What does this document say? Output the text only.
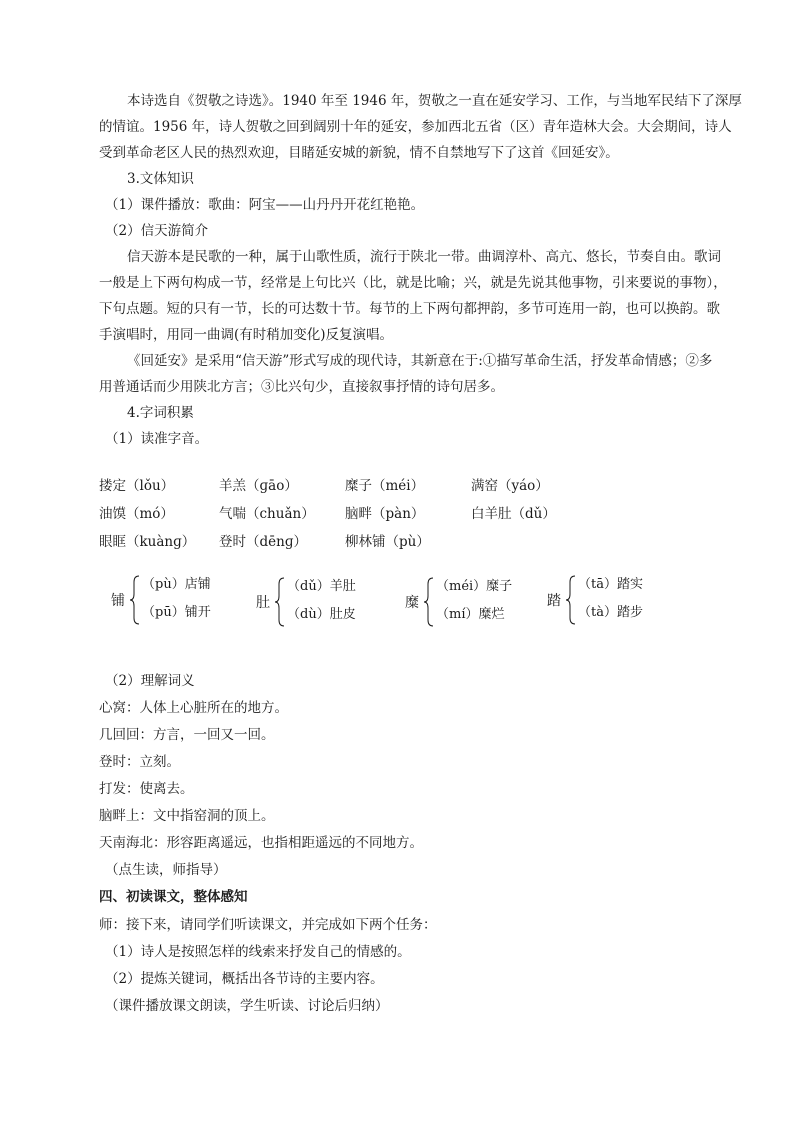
本诗选自《贺敬之诗选》。1940 年至 1946 年，贺敬之一直在延安学习、工作，与当地军民结下了深厚
的情谊。1956 年，诗人贺敬之回到阔别十年的延安，参加西北五省（区）青年造林大会。大会期间，诗人
受到革命老区人民的热烈欢迎，目睹延安城的新貌，情不自禁地写下了这首《回延安》。
3.文体知识
（1）课件播放：歌曲：阿宝——山丹丹开花红艳艳。
（2）信天游简介
信天游本是民歌的一种，属于山歌性质，流行于陕北一带。曲调淳朴、高亢、悠长，节奏自由。歌词
一般是上下两句构成一节，经常是上句比兴（比，就是比喻；兴，就是先说其他事物，引来要说的事物），
下句点题。短的只有一节，长的可达数十节。每节的上下两句都押韵，多节可连用一韵，也可以换韵。歌
手演唱时，用同一曲调(有时稍加变化)反复演唱。
《回延安》是采用“信天游”形式写成的现代诗，其新意在于:①描写革命生活，抒发革命情感；②多
用普通话而少用陕北方言；③比兴句少，直接叙事抒情的诗句居多。
4.字词积累
（1）读准字音。
搂定（lǒu）	羊羔（ɡāo）	糜子（méi）	满窑（yáo）
油馍（mó）	气喘（chuǎn） 脑畔（pàn）	白羊肚（dǔ）
眼眶（kuànɡ） 登时（dēnɡ）	柳林铺（pù）
铺
（pù）店铺
（pū）铺开
肚
（dǔ）羊肚
（dù）肚皮
糜
（méi）糜子
（mí）糜烂
踏
（tā）踏实
（tà）踏步
（2）理解词义
心窝：人体上心脏所在的地方。
几回回：方言，一回又一回。
登时：立刻。
打发：使离去。
脑畔上：文中指窑洞的顶上。
天南海北：形容距离遥远，也指相距遥远的不同地方。
（点生读，师指导）
四、初读课文，整体感知
师：接下来，请同学们听读课文，并完成如下两个任务：
（1）诗人是按照怎样的线索来抒发自己的情感的。
（2）提炼关键词，概括出各节诗的主要内容。
（课件播放课文朗读，学生听读、讨论后归纳）
